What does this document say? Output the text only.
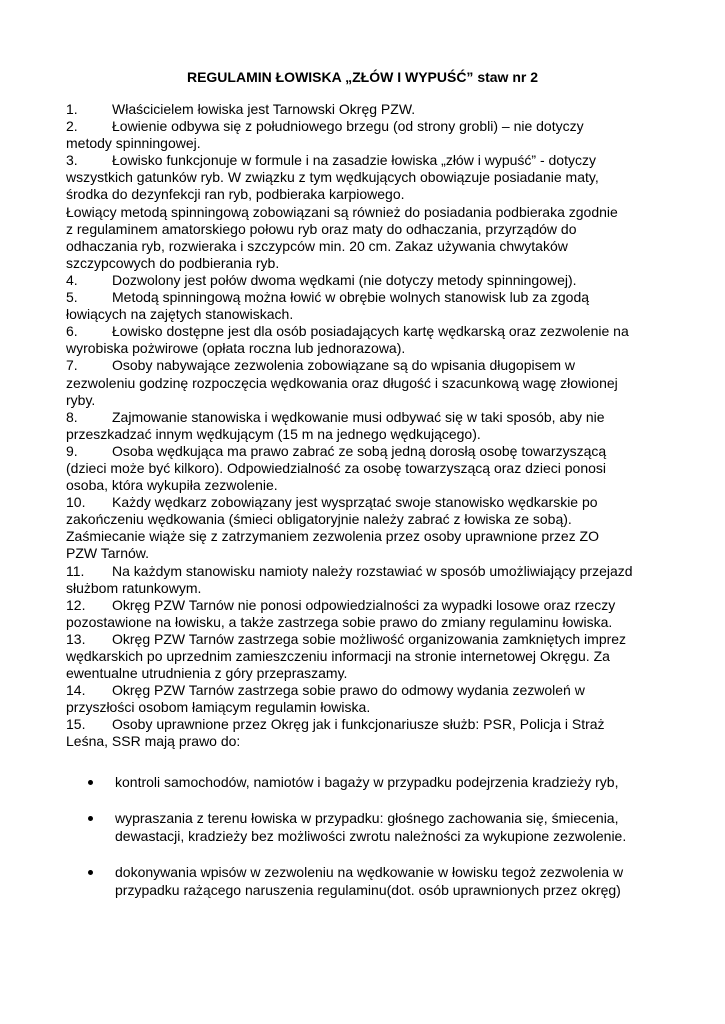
REGULAMIN ŁOWISKA „ZŁÓW I WYPUŚĆ” staw nr 2
1. Właścicielem łowiska jest Tarnowski Okręg PZW.
2. Łowienie odbywa się z południowego brzegu (od strony grobli) – nie dotyczy
metody spinningowej.
3. Łowisko funkcjonuje w formule i na zasadzie łowiska „złów i wypuść” - dotyczy
wszystkich gatunków ryb. W związku z tym wędkujących obowiązuje posiadanie maty,
środka do dezynfekcji ran ryb, podbieraka karpiowego.
Łowiący metodą spinningową zobowiązani są również do posiadania podbieraka zgodnie
z regulaminem amatorskiego połowu ryb oraz maty do odhaczania, przyrządów do
odhaczania ryb, rozwieraka i szczypców min. 20 cm. Zakaz używania chwytaków
szczypcowych do podbierania ryb.
4. Dozwolony jest połów dwoma wędkami (nie dotyczy metody spinningowej).
5. Metodą spinningową można łowić w obrębie wolnych stanowisk lub za zgodą
łowiących na zajętych stanowiskach.
6. Łowisko dostępne jest dla osób posiadających kartę wędkarską oraz zezwolenie na
wyrobiska pożwirowe (opłata roczna lub jednorazowa).
7. Osoby nabywające zezwolenia zobowiązane są do wpisania długopisem w
zezwoleniu godzinę rozpoczęcia wędkowania oraz długość i szacunkową wagę złowionej
ryby.
8. Zajmowanie stanowiska i wędkowanie musi odbywać się w taki sposób, aby nie
przeszkadzać innym wędkującym (15 m na jednego wędkującego).
9. Osoba wędkująca ma prawo zabrać ze sobą jedną dorosłą osobę towarzyszącą
(dzieci może być kilkoro). Odpowiedzialność za osobę towarzyszącą oraz dzieci ponosi
osoba, która wykupiła zezwolenie.
10. Każdy wędkarz zobowiązany jest wysprzątać swoje stanowisko wędkarskie po
zakończeniu wędkowania (śmieci obligatoryjnie należy zabrać z łowiska ze sobą).
Zaśmiecanie wiąże się z zatrzymaniem zezwolenia przez osoby uprawnione przez ZO
PZW Tarnów.
11. Na każdym stanowisku namioty należy rozstawiać w sposób umożliwiający przejazd
służbom ratunkowym.
12. Okręg PZW Tarnów nie ponosi odpowiedzialności za wypadki losowe oraz rzeczy
pozostawione na łowisku, a także zastrzega sobie prawo do zmiany regulaminu łowiska.
13. Okręg PZW Tarnów zastrzega sobie możliwość organizowania zamkniętych imprez
wędkarskich po uprzednim zamieszczeniu informacji na stronie internetowej Okręgu. Za
ewentualne utrudnienia z góry przepraszamy.
14. Okręg PZW Tarnów zastrzega sobie prawo do odmowy wydania zezwoleń w
przyszłości osobom łamiącym regulamin łowiska.
15. Osoby uprawnione przez Okręg jak i funkcjonariusze służb: PSR, Policja i Straż
Leśna, SSR mają prawo do:
kontroli samochodów, namiotów i bagaży w przypadku podejrzenia kradzieży ryb,
wypraszania z terenu łowiska w przypadku: głośnego zachowania się, śmiecenia,
dewastacji, kradzieży bez możliwości zwrotu należności za wykupione zezwolenie.
dokonywania wpisów w zezwoleniu na wędkowanie w łowisku tegoż zezwolenia w
przypadku rażącego naruszenia regulaminu(dot. osób uprawnionych przez okręg)
